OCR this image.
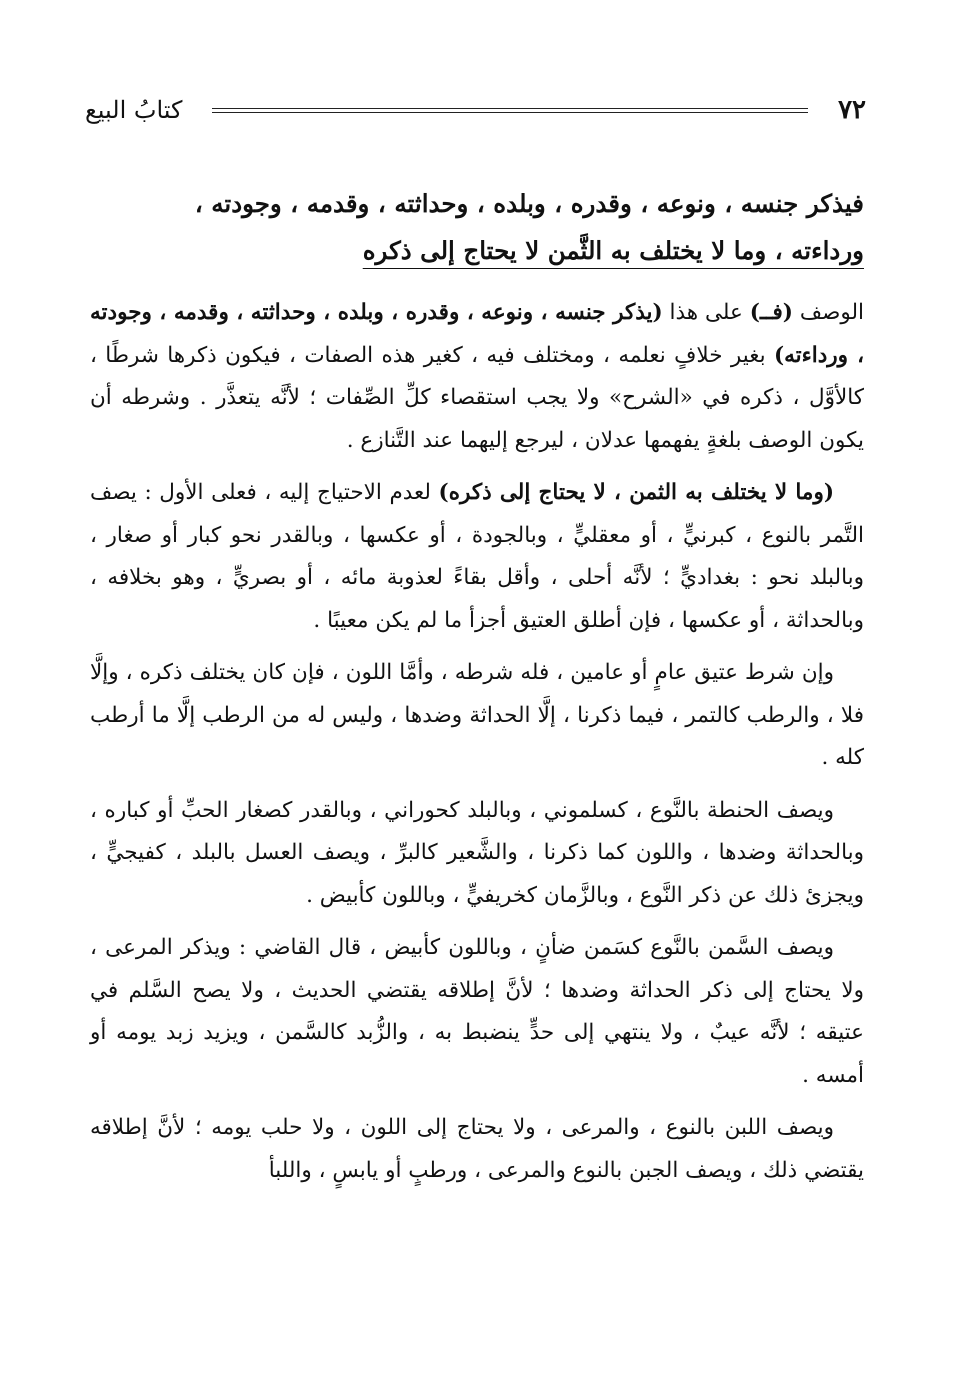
٧٢
كتابُ البيع
فيذكر جنسه ، ونوعه ، وقدره ، وبلده ، وحداثته ، وقدمه ، وجودته ،
ورداءته ، وما لا يختلف به الثَّمن لا يحتاج إلى ذكره

الوصف (فــ) على هذا (يذكر جنسه ، ونوعه ، وقدره ، وبلده ، وحداثته ، وقدمه ، وجودته ، ورداءته) بغير خلافٍ نعلمه ، ومختلف فيه ، كغير هذه الصفات ، فيكون ذكرها شرطًا ، كالأوَّل ، ذكره في «الشرح» ولا يجب استقصاء كلِّ الصِّفات ؛ لأنَّه يتعذَّر . وشرطه أن يكون الوصف بلغةٍ يفهمها عدلان ، ليرجع إليهما عند التَّنازع .

(وما لا يختلف به الثمن ، لا يحتاج إلى ذكره) لعدم الاحتياج إليه ، فعلى الأول : يصف التَّمر بالنوع ، كبرنيٍّ ، أو معقليٍّ ، وبالجودة ، أو عكسها ، وبالقدر نحو كبار أو صغار ، وبالبلد نحو : بغداديٍّ ؛ لأنَّه أحلى ، وأقل بقاءً لعذوبة مائه ، أو بصريٍّ ، وهو بخلافه ، وبالحداثة ، أو عكسها ، فإن أطلق العتيق أجزأ ما لم يكن معيبًا .

وإن شرط عتيق عامٍ أو عامين ، فله شرطه ، وأمَّا اللون ، فإن كان يختلف ذكره ، وإلَّا فلا ، والرطب كالتمر ، فيما ذكرنا ، إلَّا الحداثة وضدها ، وليس له من الرطب إلَّا ما أرطب كله .

ويصف الحنطة بالنَّوع ، كسلموني ، وبالبلد كحوراني ، وبالقدر كصغار الحبِّ أو كباره ، وبالحداثة وضدها ، واللون كما ذكرنا ، والشَّعير كالبرِّ ، ويصف العسل بالبلد ، كفيجيٍّ ، ويجزئ ذلك عن ذكر النَّوع ، وبالزَّمان كخريفيٍّ ، وباللون كأبيض .

ويصف السَّمن بالنَّوع كسَمن ضأنٍ ، وباللون كأبيض ، قال القاضي : ويذكر المرعى ، ولا يحتاج إلى ذكر الحداثة وضدها ؛ لأنَّ إطلاقه يقتضي الحديث ، ولا يصح السَّلم في عتيقه ؛ لأنَّه عيبٌ ، ولا ينتهي إلى حدٍّ ينضبط به ، والزُّبد كالسَّمن ، ويزيد زبد يومه أو أمسه .

ويصف اللبن بالنوع ، والمرعى ، ولا يحتاج إلى اللون ، ولا حلب يومه ؛ لأنَّ إطلاقه يقتضي ذلك ، ويصف الجبن بالنوع والمرعى ، ورطبٍ أو يابسٍ ، واللبأ
